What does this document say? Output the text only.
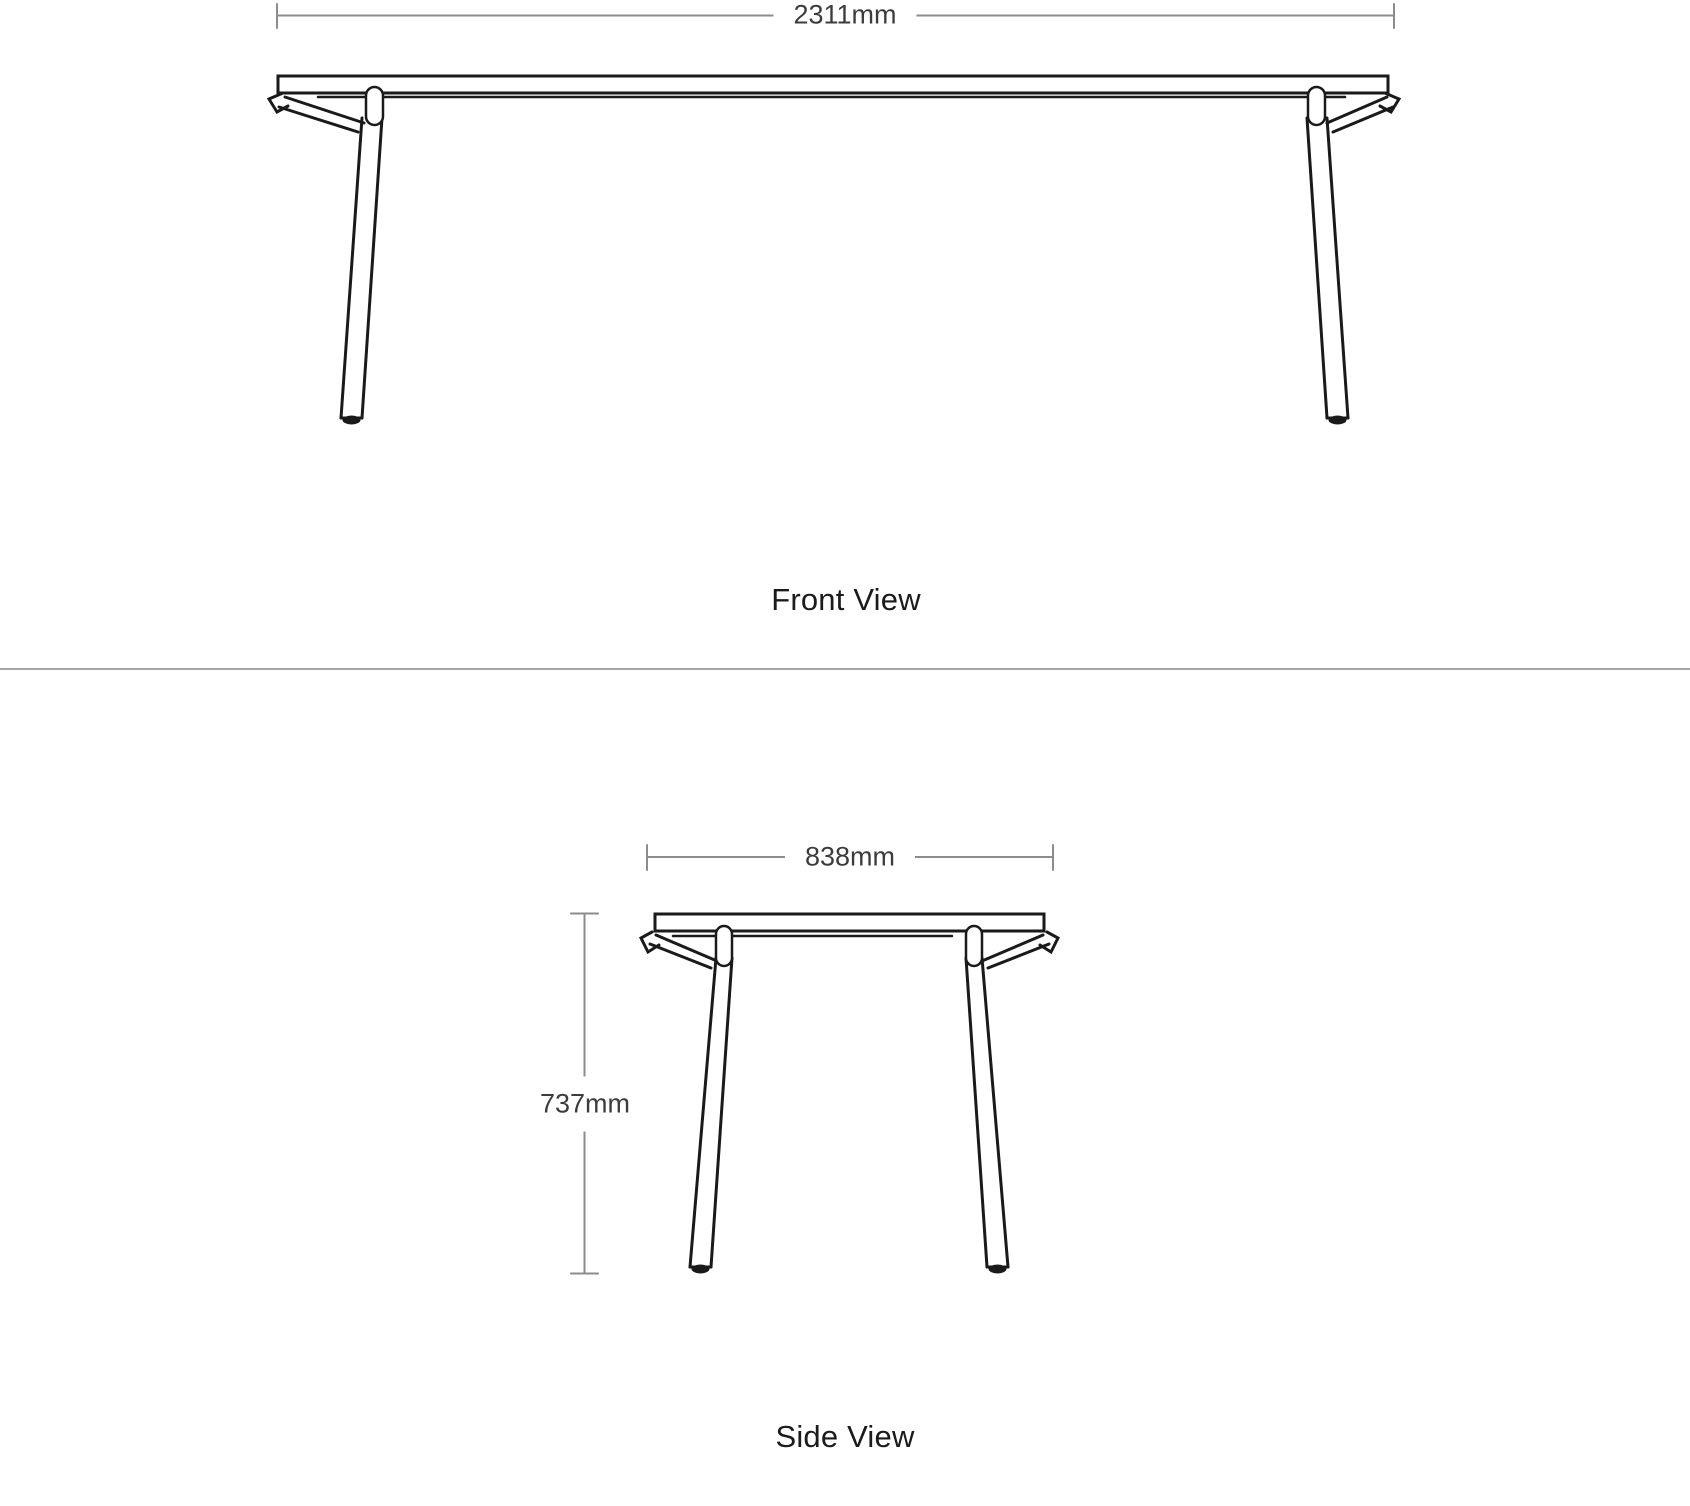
2311mm
838mm
737mm
Front View
Side View
